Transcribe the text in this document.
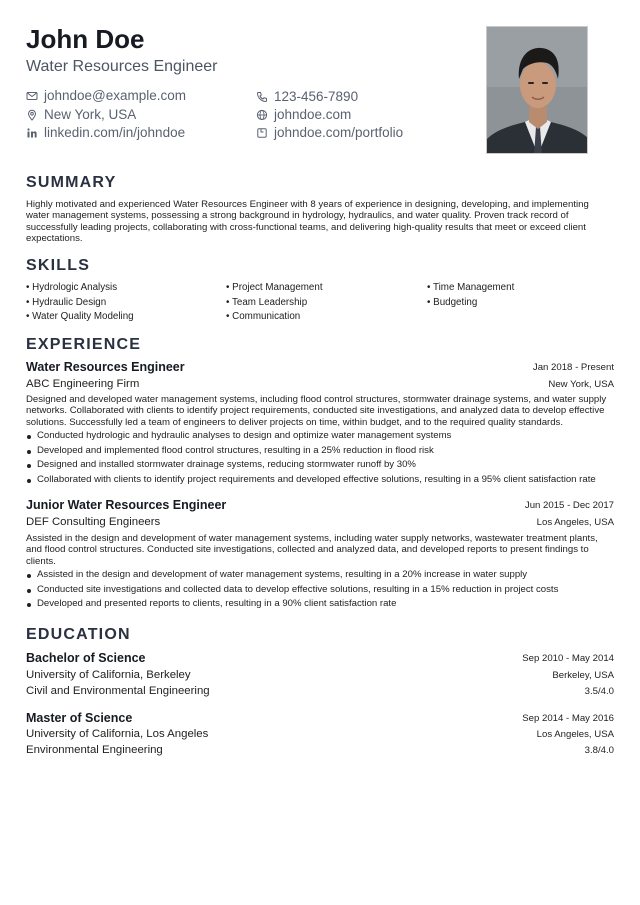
John Doe
Water Resources Engineer
johndoe@example.com	123-456-7890
New York, USA	johndoe.com
linkedin.com/in/johndoe	johndoe.com/portfolio
SUMMARY
Highly motivated and experienced Water Resources Engineer with 8 years of experience in designing, developing, and implementing water management systems, possessing a strong background in hydrology, hydraulics, and water quality. Proven track record of successfully leading projects, collaborating with cross-functional teams, and delivering high-quality results that meet or exceed client expectations.
SKILLS
• Hydrologic Analysis	• Project Management	• Time Management
• Hydraulic Design	• Team Leadership	• Budgeting
• Water Quality Modeling	• Communication
EXPERIENCE
Water Resources Engineer	Jan 2018 - Present
ABC Engineering Firm	New York, USA
Designed and developed water management systems, including flood control structures, stormwater drainage systems, and water supply networks. Collaborated with clients to identify project requirements, conducted site investigations, and analyzed data to develop effective solutions. Successfully led a team of engineers to deliver projects on time, within budget, and to the required quality standards.
Conducted hydrologic and hydraulic analyses to design and optimize water management systems
Developed and implemented flood control structures, resulting in a 25% reduction in flood risk
Designed and installed stormwater drainage systems, reducing stormwater runoff by 30%
Collaborated with clients to identify project requirements and developed effective solutions, resulting in a 95% client satisfaction rate
Junior Water Resources Engineer	Jun 2015 - Dec 2017
DEF Consulting Engineers	Los Angeles, USA
Assisted in the design and development of water management systems, including water supply networks, wastewater treatment plants, and flood control structures. Conducted site investigations, collected and analyzed data, and developed reports to present findings to clients.
Assisted in the design and development of water management systems, resulting in a 20% increase in water supply
Conducted site investigations and collected data to develop effective solutions, resulting in a 15% reduction in project costs
Developed and presented reports to clients, resulting in a 90% client satisfaction rate
EDUCATION
Bachelor of Science	Sep 2010 - May 2014
University of California, Berkeley	Berkeley, USA
Civil and Environmental Engineering	3.5/4.0
Master of Science	Sep 2014 - May 2016
University of California, Los Angeles	Los Angeles, USA
Environmental Engineering	3.8/4.0
